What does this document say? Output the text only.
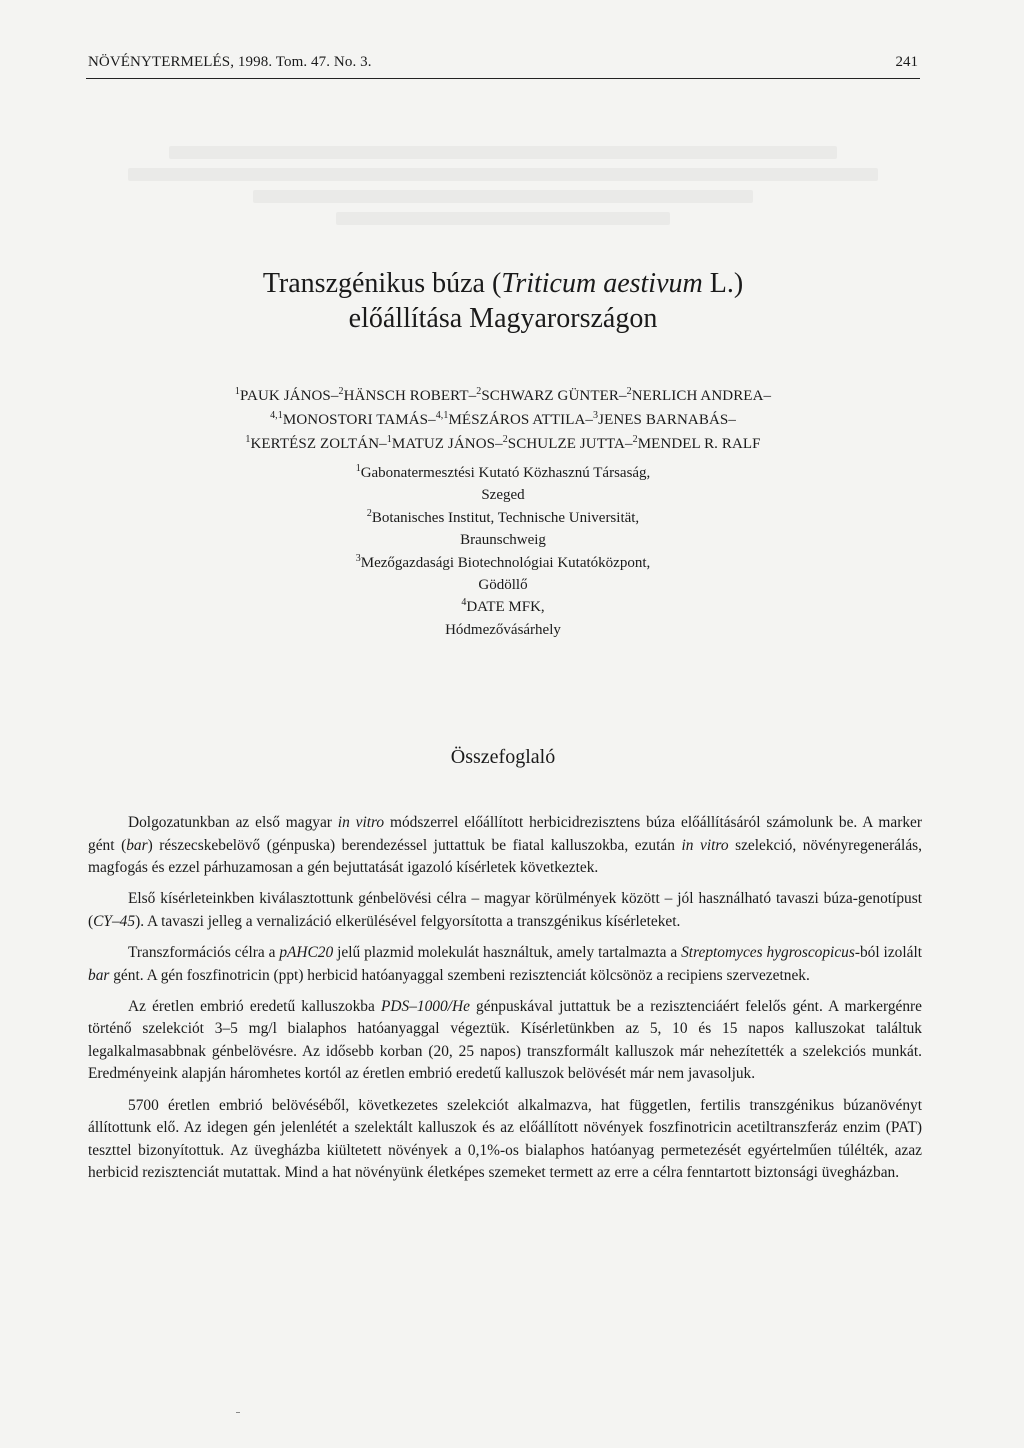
NÖVÉNYTERMELÉS, 1998. Tom. 47. No. 3.	241
Transzgénikus búza (Triticum aestivum L.)
előállítása Magyarországon
$^1$PAUK JÁNOS–$^2$HÄNSCH ROBERT–$^2$SCHWARZ GÜNTER–$^2$NERLICH ANDREA–
$^{4,1}$MONOSTORI TAMÁS–$^{4,1}$MÉSZÁROS ATTILA–$^3$JENES BARNABÁS–
$^1$KERTÉSZ ZOLTÁN–$^1$MATUZ JÁNOS–$^2$SCHULZE JUTTA–$^2$MENDEL R. RALF
$^1$Gabonatermesztési Kutató Közhasznú Társaság,
Szeged
$^2$Botanisches Institut, Technische Universität,
Braunschweig
$^3$Mezőgazdasági Biotechnológiai Kutatóközpont,
Gödöllő
$^4$DATE MFK,
Hódmezővásárhely
Összefoglaló

Dolgozatunkban az első magyar in vitro módszerrel előállított herbicidrezisztens búza előállításáról számolunk be. A marker gént (bar) részecskebelövő (génpuska) berendezéssel juttattuk be fiatal kalluszokba, ezután in vitro szelekció, növényregenerálás, magfogás és ezzel párhuzamosan a gén bejuttatását igazoló kísérletek következtek.

Első kísérleteinkben kiválasztottunk génbelövési célra – magyar körülmények között – jól használható tavaszi búza-genotípust (CY–45). A tavaszi jelleg a vernalizáció elkerülésével felgyorsította a transzgénikus kísérleteket.

Transzformációs célra a pAHC20 jelű plazmid molekulát használtuk, amely tartalmazta a Streptomyces hygroscopicus-ból izolált bar gént. A gén foszfinotricin (ppt) herbicid hatóanyaggal szembeni rezisztenciát kölcsönöz a recipiens szervezetnek.

Az éretlen embrió eredetű kalluszokba PDS–1000/He génpuskával juttattuk be a rezisztenciáért felelős gént. A markergénre történő szelekciót 3–5 mg/l bialaphos hatóanyaggal végeztük. Kísérletünkben az 5, 10 és 15 napos kalluszokat találtuk legalkalmasabbnak génbelövésre. Az idősebb korban (20, 25 napos) transzformált kalluszok már nehezítették a szelekciós munkát. Eredményeink alapján háromhetes kortól az éretlen embrió eredetű kalluszok belövését már nem javasoljuk.

5700 éretlen embrió belövéséből, következetes szelekciót alkalmazva, hat független, fertilis transzgénikus búzanövényt állítottunk elő. Az idegen gén jelenlétét a szelektált kalluszok és az előállított növények foszfinotricin acetiltranszferáz enzim (PAT) teszttel bizonyítottuk. Az üvegházba kiültetett növények a 0,1%-os bialaphos hatóanyag permetezését egyértelműen túlélték, azaz herbicid rezisztenciát mutattak. Mind a hat növényünk életképes szemeket termett az erre a célra fenntartott biztonsági üvegházban.
